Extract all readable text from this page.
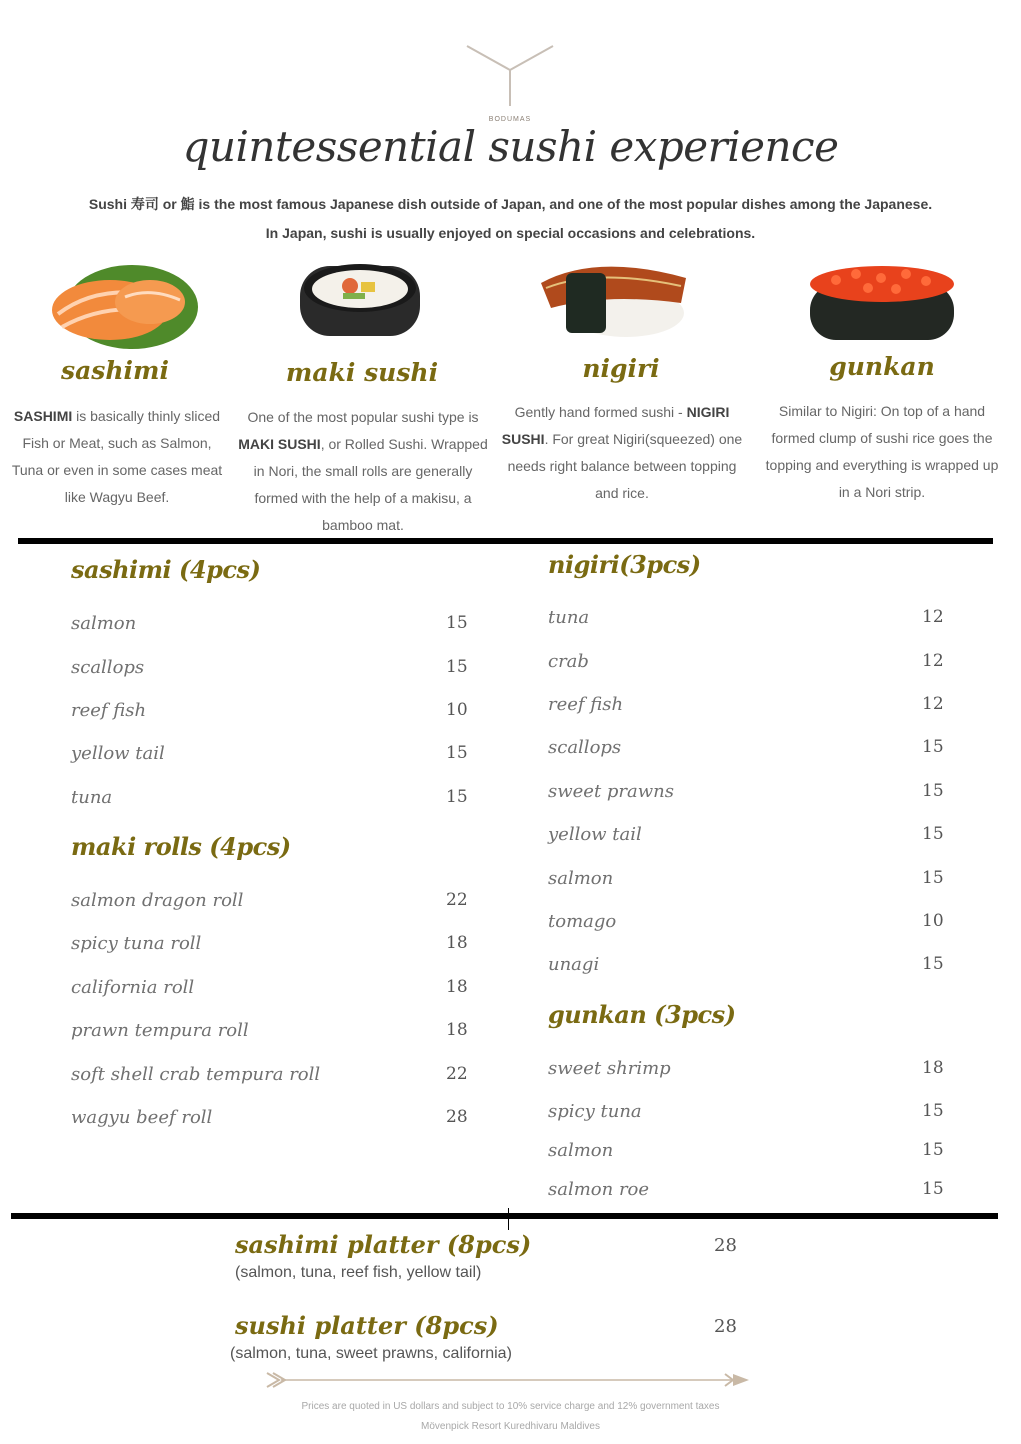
BODUMAS
quintessential sushi experience
Sushi 寿司 or 鮨 is the most famous Japanese dish outside of Japan, and one of the most popular dishes among the Japanese.
In Japan, sushi is usually enjoyed on special occasions and celebrations.
sashimi	maki sushi	nigiri	gunkan
SASHIMI is basically thinly sliced Fish or Meat, such as Salmon, Tuna or even in some cases meat like Wagyu Beef.
One of the most popular sushi type is MAKI SUSHI, or Rolled Sushi. Wrapped in Nori, the small rolls are generally formed with the help of a makisu, a bamboo mat.
Gently hand formed sushi - NIGIRI SUSHI. For great Nigiri(squeezed) one needs right balance between topping and rice.
Similar to Nigiri: On top of a hand formed clump of sushi rice goes the topping and everything is wrapped up in a Nori strip.
sashimi (4pcs)
maki rolls (4pcs)
nigiri(3pcs)
gunkan (3pcs)
salmon	15
scallops	15
reef fish	10
yellow tail	15
tuna	15
salmon dragon roll	22
spicy tuna roll	18
california roll	18
prawn tempura roll	18
soft shell crab tempura roll	22
wagyu beef roll	28
tuna	12
crab	12
reef fish	12
scallops	15
sweet prawns	15
yellow tail	15
salmon	15
tomago	10
unagi	15
sweet shrimp	18
spicy tuna	15
salmon	15
salmon roe	15
sashimi platter (8pcs)	28
(salmon, tuna, reef fish, yellow tail)
sushi platter (8pcs)	28
(salmon, tuna, sweet prawns, california)
Prices are quoted in US dollars and subject to 10% service charge and 12% government taxes
Mövenpick Resort Kuredhivaru Maldives
